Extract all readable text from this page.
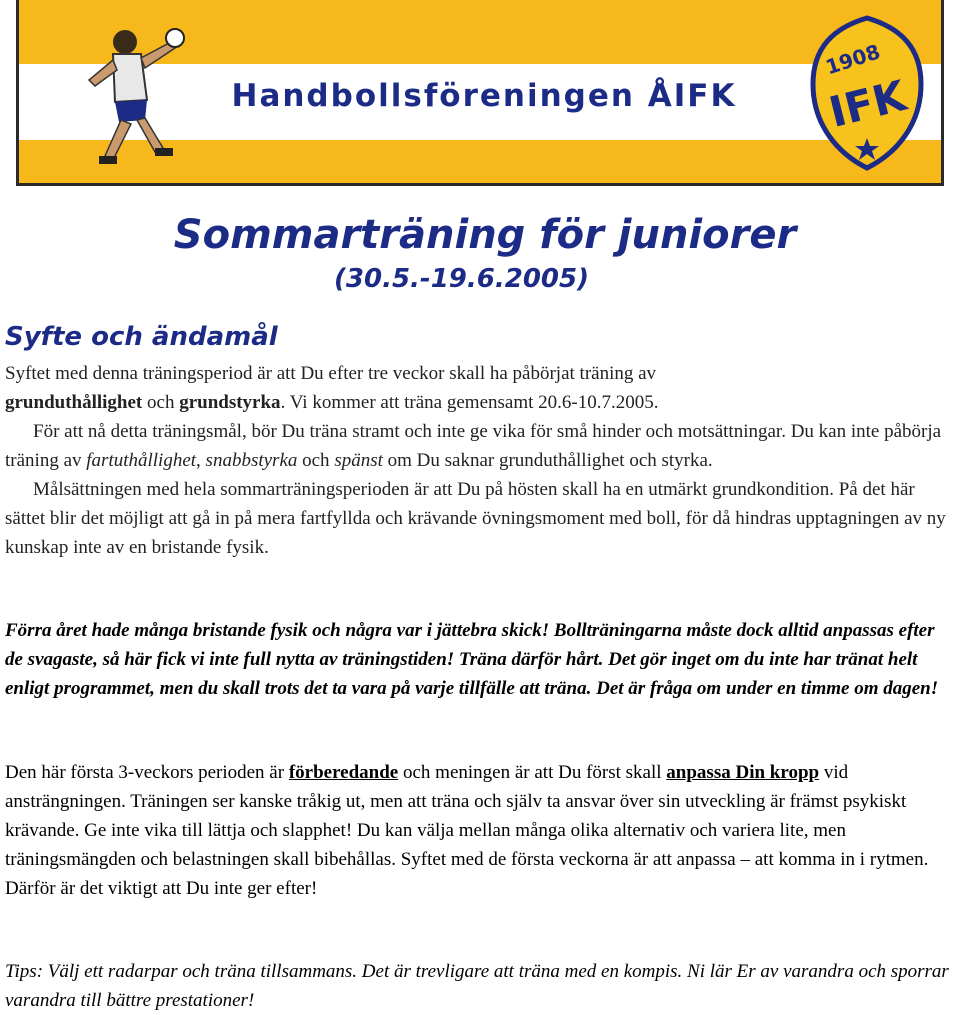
Handbollsföreningen ÅIFK
1908
IFK
Sommarträning för juniorer
(30.5.-19.6.2005)
Syfte och ändamål

Syftet med denna träningsperiod är att Du efter tre veckor skall ha påbörjat träning av
grunduthållighet och grundstyrka. Vi kommer att träna gemensamt 20.6-10.7.2005.
För att nå detta träningsmål, bör Du träna stramt och inte ge vika för små hinder och motsättningar. Du kan inte påbörja träning av fartuthållighet, snabbstyrka och spänst om Du saknar grunduthållighet och styrka.
Målsättningen med hela sommarträningsperioden är att Du på hösten skall ha en utmärkt grundkondition. På det här sättet blir det möjligt att gå in på mera fartfyllda och krävande övningsmoment med boll, för då hindras upptagningen av ny kunskap inte av en bristande fysik.

Förra året hade många bristande fysik och några var i jättebra skick! Bollträningarna måste dock alltid anpassas efter de svagaste, så här fick vi inte full nytta av träningstiden! Träna därför hårt. Det gör inget om du inte har tränat helt enligt programmet, men du skall trots det ta vara på varje tillfälle att träna. Det är fråga om under en timme om dagen!

Den här första 3-veckors perioden är förberedande och meningen är att Du först skall anpassa Din kropp vid ansträngningen. Träningen ser kanske tråkig ut, men att träna och själv ta ansvar över sin utveckling är främst psykiskt krävande. Ge inte vika till lättja och slapphet! Du kan välja mellan många olika alternativ och variera lite, men träningsmängden och belastningen skall bibehållas. Syftet med de första veckorna är att anpassa – att komma in i rytmen. Därför är det viktigt att Du inte ger efter!

Tips: Välj ett radarpar och träna tillsammans. Det är trevligare att träna med en kompis. Ni lär Er av varandra och sporrar varandra till bättre prestationer!
